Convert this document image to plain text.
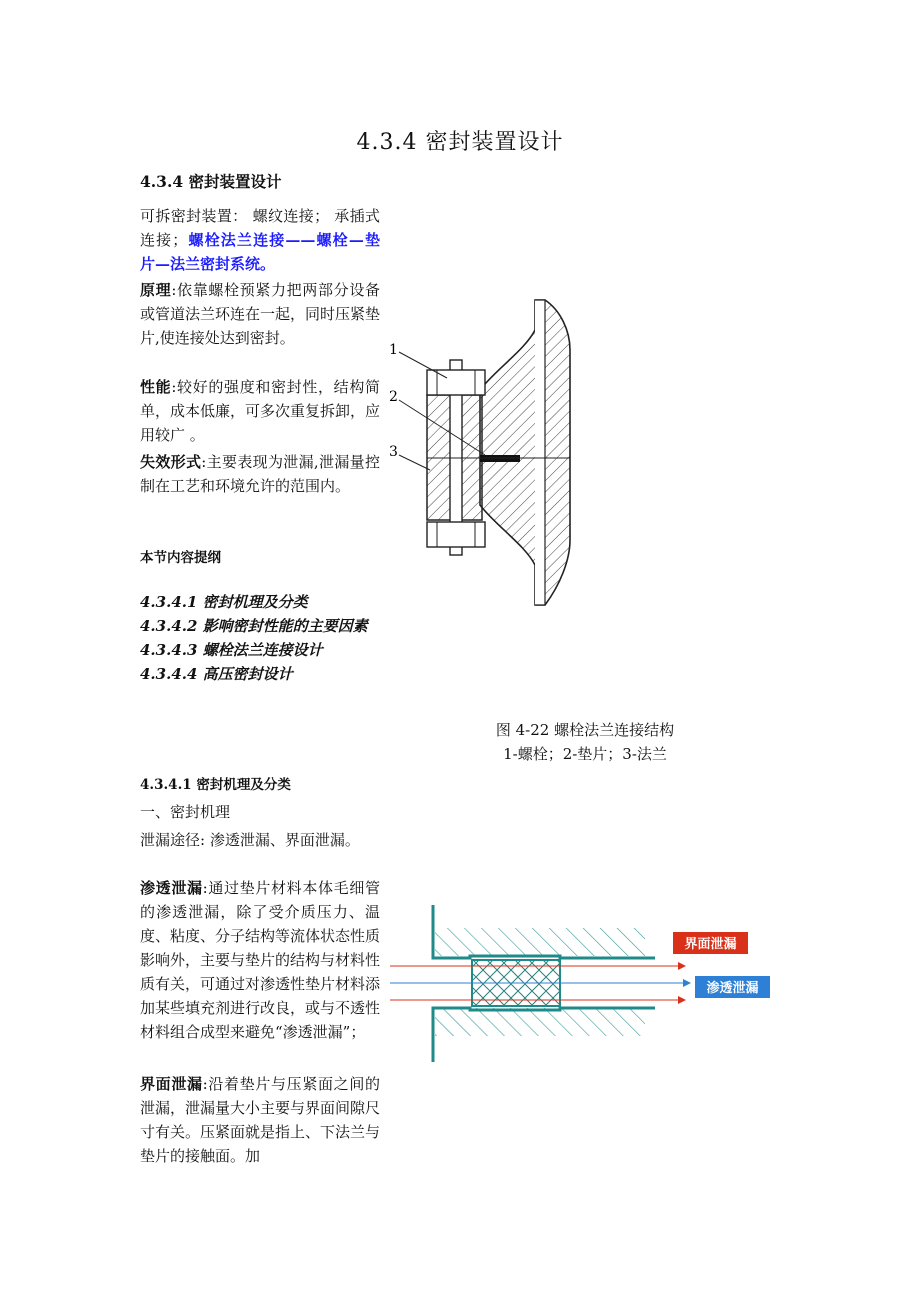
4.3.4 密封装置设计
4.3.4 密封装置设计

可拆密封装置： 螺纹连接； 承插式连接；螺栓法兰连接——螺栓—垫片—法兰密封系统。

原理:依靠螺栓预紧力把两部分设备或管道法兰环连在一起，同时压紧垫片,使连接处达到密封。

性能:较好的强度和密封性，结构简单，成本低廉，可多次重复拆卸，应用较广 。

失效形式:主要表现为泄漏,泄漏量控制在工艺和环境允许的范围内。

本节内容提纲

4.3.4.1 密封机理及分类

4.3.4.2 影响密封性能的主要因素

4.3.4.3 螺栓法兰连接设计

4.3.4.4 高压密封设计

1
2
3

图 4-22 螺栓法兰连接结构

1-螺栓；2-垫片；3-法兰

4.3.4.1 密封机理及分类
一、密封机理
泄漏途径: 渗透泄漏、界面泄漏。

渗透泄漏:通过垫片材料本体毛细管的渗透泄漏，除了受介质压力、温度、粘度、分子结构等流体状态性质影响外，主要与垫片的结构与材料性质有关，可通过对渗透性垫片材料添加某些填充剂进行改良，或与不透性材料组合成型来避免“渗透泄漏”；

界面泄漏:沿着垫片与压紧面之间的泄漏，泄漏量大小主要与界面间隙尺寸有关。压紧面就是指上、下法兰与垫片的接触面。加

界面泄漏
渗透泄漏
